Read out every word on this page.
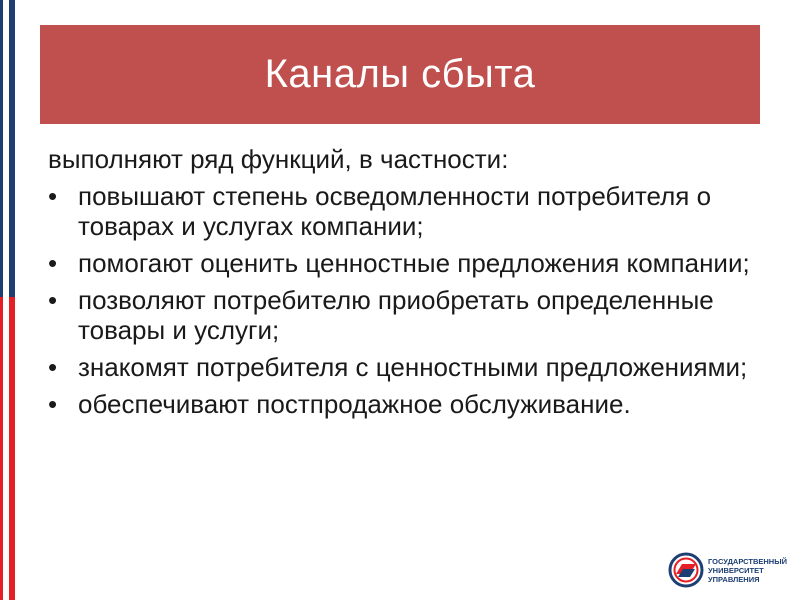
Каналы сбыта

выполняют ряд функций, в частности:

• повышают степень осведомленности потребителя о товарах и услугах компании;
• помогают оценить ценностные предложения компании;
• позволяют потребителю приобретать определенные товары и услуги;
• знакомят потребителя с ценностными предложениями;
• обеспечивают постпродажное обслуживание.
ГОСУДАРСТВЕННЫЙ
УНИВЕРСИТЕТ
УПРАВЛЕНИЯ
